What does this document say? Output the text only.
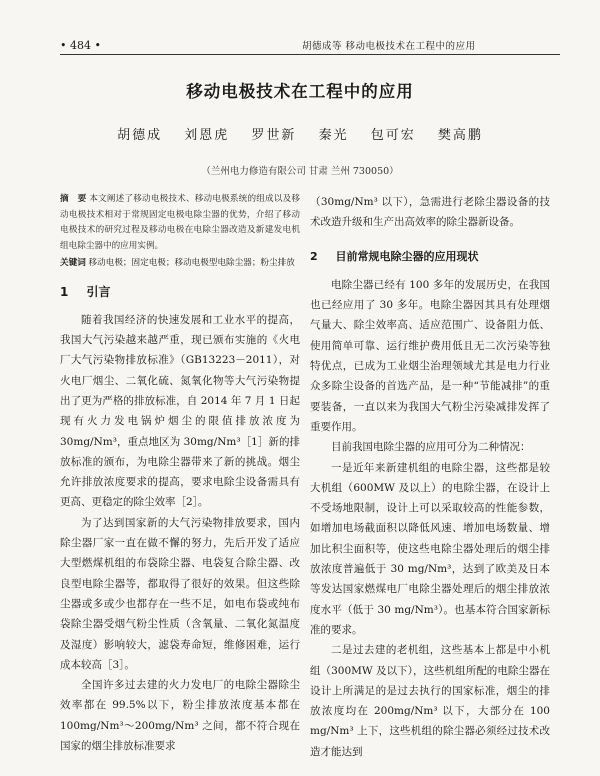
• 484 •	胡德成等 移动电极技术在工程中的应用
移动电极技术在工程中的应用
胡德成 刘恩虎 罗世新 秦光 包可宏 樊高鹏
（兰州电力修造有限公司 甘肃 兰州 730050）
摘　要 本文阐述了移动电极技术、移动电极系统的组成以及移动电极技术相对于常规固定电极电除尘器的优势，介绍了移动电极技术的研究过程及移动电极在电除尘器改造及新建发电机组电除尘器中的应用实例。
关键词 移动电极；固定电极；移动电极型电除尘器；粉尘排放
1 引言

随着我国经济的快速发展和工业水平的提高，我国大气污染越来越严重，现已颁布实施的《火电厂大气污染物排放标准》（GB13223－2011），对火电厂烟尘、二氧化硫、氮氧化物等大气污染物提出了更为严格的排放标准，自 2014 年 7 月 1 日起现有火力发电锅炉烟尘的限值排放浓度为 30mg/Nm³，重点地区为 30mg/Nm³［1］新的排放标准的颁布，为电除尘器带来了新的挑战。烟尘允许排放浓度要求的提高，要求电除尘设备需具有更高、更稳定的除尘效率［2］。

为了达到国家新的大气污染物排放要求，国内除尘器厂家一直在做不懈的努力，先后开发了适应大型燃煤机组的布袋除尘器、电袋复合除尘器、改良型电除尘器等，都取得了很好的效果。但这些除尘器或多或少也都存在一些不足，如电布袋或纯布袋除尘器受烟气粉尘性质（含氧量、二氧化氮温度及湿度）影响较大，滤袋寿命短，维修困难，运行成本较高［3］。

全国许多过去建的火力发电厂的电除尘器除尘效率都在 99.5%以下，粉尘排放浓度基本都在 100mg/Nm³～200mg/Nm³ 之间，都不符合现在国家的烟尘排放标准要求

（30mg/Nm³ 以下），急需进行老除尘器设备的技术改造升级和生产出高效率的除尘器新设备。

2 目前常规电除尘器的应用现状

电除尘器已经有 100 多年的发展历史，在我国也已经应用了 30 多年。电除尘器因其具有处理烟气量大、除尘效率高、适应范围广、设备阻力低、使用简单可靠、运行维护费用低且无二次污染等独特优点，已成为工业烟尘治理领域尤其是电力行业众多除尘设备的首选产品，是一种“节能减排”的重要装备，一直以来为我国大气粉尘污染减排发挥了重要作用。

目前我国电除尘器的应用可分为二种情况：

一是近年来新建机组的电除尘器，这些都是较大机组（600MW 及以上）的电除尘器，在设计上不受场地限制，设计上可以采取较高的性能参数，如增加电场截面积以降低风速、增加电场数量、增加比积尘面积等，使这些电除尘器处理后的烟尘排放浓度普遍低于 30 mg/Nm³，达到了欧美及日本等发达国家燃煤电厂电除尘器处理后的烟尘排放浓度水平（低于 30 mg/Nm³）。也基本符合国家新标准的要求。

二是过去建的老机组，这些基本上都是中小机组（300MW 及以下），这些机组所配的电除尘器在设计上所满足的是过去执行的国家标准，烟尘的排放浓度均在 200mg/Nm³ 以下，大部分在 100 mg/Nm³ 上下，这些机组的除尘器必须经过技术改造才能达到
